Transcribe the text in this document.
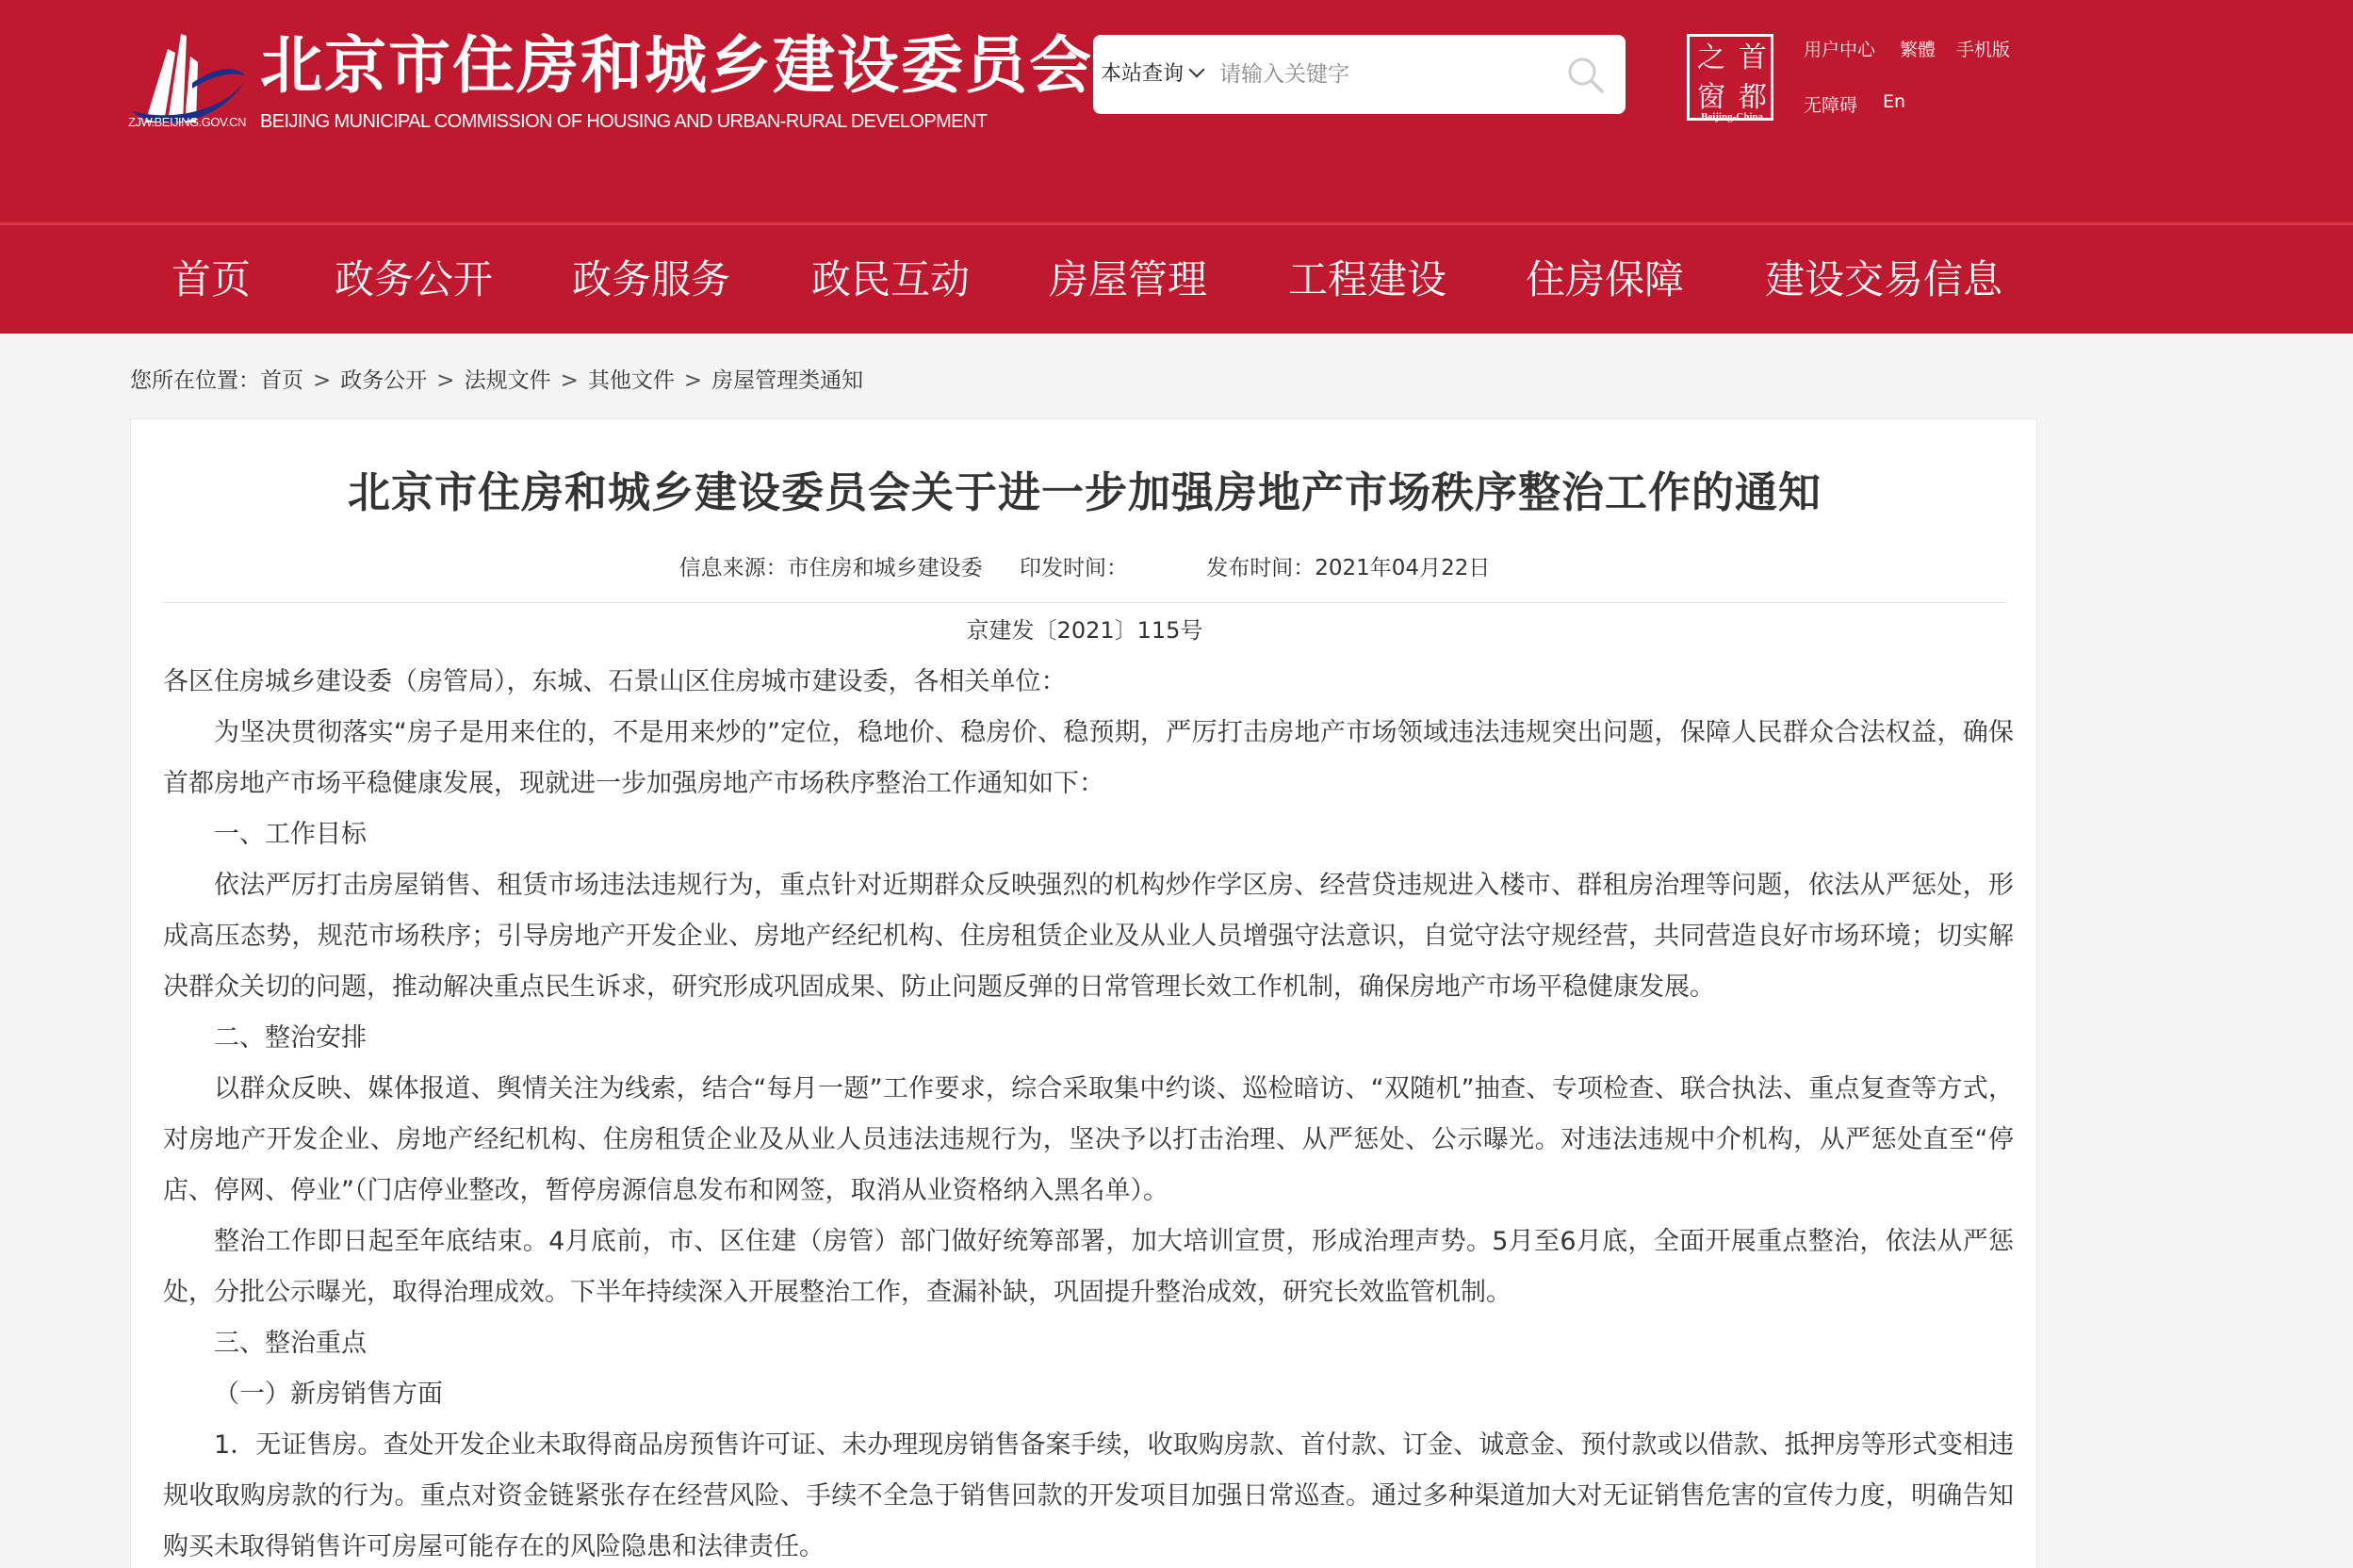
ZJW.BEIJING.GOV.CN
北京市住房和城乡建设委员会
BEIJING MUNICIPAL COMMISSION OF HOUSING AND URBAN-RURAL DEVELOPMENT
本站查询
请输入关键字	之 首
窗 都
Beijing-China
用户中心 繁體 手机版
无障碍 En
首页 政务公开 政务服务 政民互动 房屋管理 工程建设 住房保障 建设交易信息
您所在位置：首页 > 政务公开 > 法规文件 > 其他文件 > 房屋管理类通知
北京市住房和城乡建设委员会关于进一步加强房地产市场秩序整治工作的通知
信息来源：市住房和城乡建设委 印发时间：	发布时间：2021年04月22日
京建发〔2021〕115号

各区住房城乡建设委（房管局），东城、石景山区住房城市建设委，各相关单位：

为坚决贯彻落实“房子是用来住的，不是用来炒的”定位，稳地价、稳房价、稳预期，严厉打击房地产市场领域违法违规突出问题，保障人民群众合法权益，确保首都房地产市场平稳健康发展，现就进一步加强房地产市场秩序整治工作通知如下：

一、工作目标

依法严厉打击房屋销售、租赁市场违法违规行为，重点针对近期群众反映强烈的机构炒作学区房、经营贷违规进入楼市、群租房治理等问题，依法从严惩处，形成高压态势，规范市场秩序；引导房地产开发企业、房地产经纪机构、住房租赁企业及从业人员增强守法意识，自觉守法守规经营，共同营造良好市场环境；切实解决群众关切的问题，推动解决重点民生诉求，研究形成巩固成果、防止问题反弹的日常管理长效工作机制，确保房地产市场平稳健康发展。

二、整治安排

以群众反映、媒体报道、舆情关注为线索，结合“每月一题”工作要求，综合采取集中约谈、巡检暗访、“双随机”抽查、专项检查、联合执法、重点复查等方式，对房地产开发企业、房地产经纪机构、住房租赁企业及从业人员违法违规行为，坚决予以打击治理、从严惩处、公示曝光。对违法违规中介机构，从严惩处直至“停店、停网、停业”（门店停业整改，暂停房源信息发布和网签，取消从业资格纳入黑名单）。

整治工作即日起至年底结束。4月底前，市、区住建（房管）部门做好统筹部署，加大培训宣贯，形成治理声势。5月至6月底，全面开展重点整治，依法从严惩处，分批公示曝光，取得治理成效。下半年持续深入开展整治工作，查漏补缺，巩固提升整治成效，研究长效监管机制。

三、整治重点

（一）新房销售方面

1．无证售房。查处开发企业未取得商品房预售许可证、未办理现房销售备案手续，收取购房款、首付款、订金、诚意金、预付款或以借款、抵押房等形式变相违规收取购房款的行为。重点对资金链紧张存在经营风险、手续不全急于销售回款的开发项目加强日常巡查。通过多种渠道加大对无证销售危害的宣传力度，明确告知购买未取得销售许可房屋可能存在的风险隐患和法律责任。
